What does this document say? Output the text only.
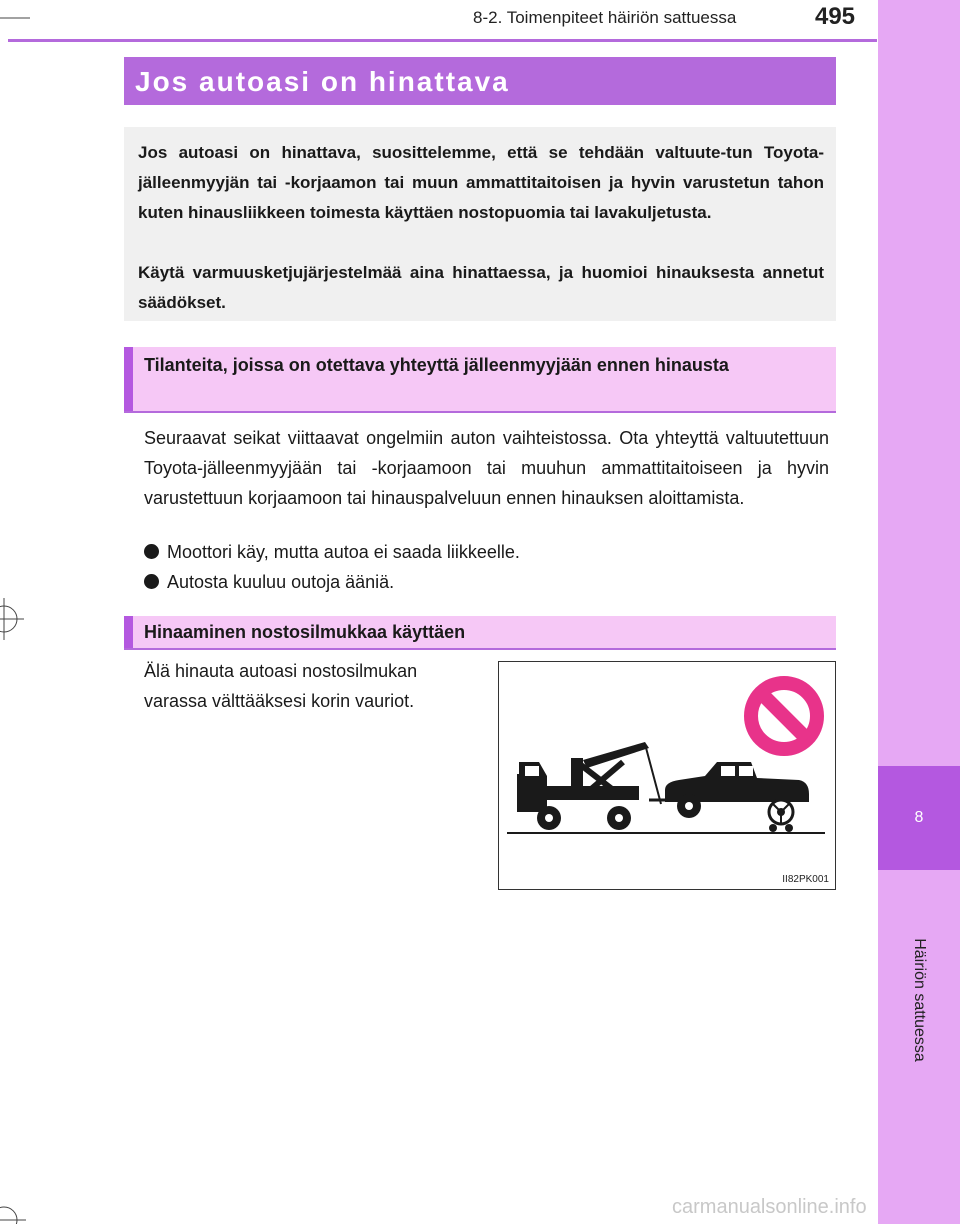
8-2. Toimenpiteet häiriön sattuessa	495
8
Häiriön sattuessa
Jos autoasi on hinattava

Jos autoasi on hinattava, suosittelemme, että se tehdään valtuute-tun Toyota-jälleenmyyjän tai -korjaamon tai muun ammattitaitoisen ja hyvin varustetun tahon kuten hinausliikkeen toimesta käyttäen nostopuomia tai lavakuljetusta.

Käytä varmuusketjujärjestelmää aina hinattaessa, ja huomioi hinauksesta annetut säädökset.

Tilanteita, joissa on otettava yhteyttä jälleenmyyjään ennen hinausta

Seuraavat seikat viittaavat ongelmiin auton vaihteistossa. Ota yhteyttä valtuutettuun Toyota-jälleenmyyjään tai -korjaamoon tai muuhun ammattitaitoiseen ja hyvin varustettuun korjaamoon tai hinauspalveluun ennen hinauksen aloittamista.

Moottori käy, mutta autoa ei saada liikkeelle.
Autosta kuuluu outoja ääniä.
Hinaaminen nostosilmukkaa käyttäen
Älä hinauta autoasi nostosilmukan
varassa välttääksesi korin vauriot.
II82PK001
carmanualsonline.info
